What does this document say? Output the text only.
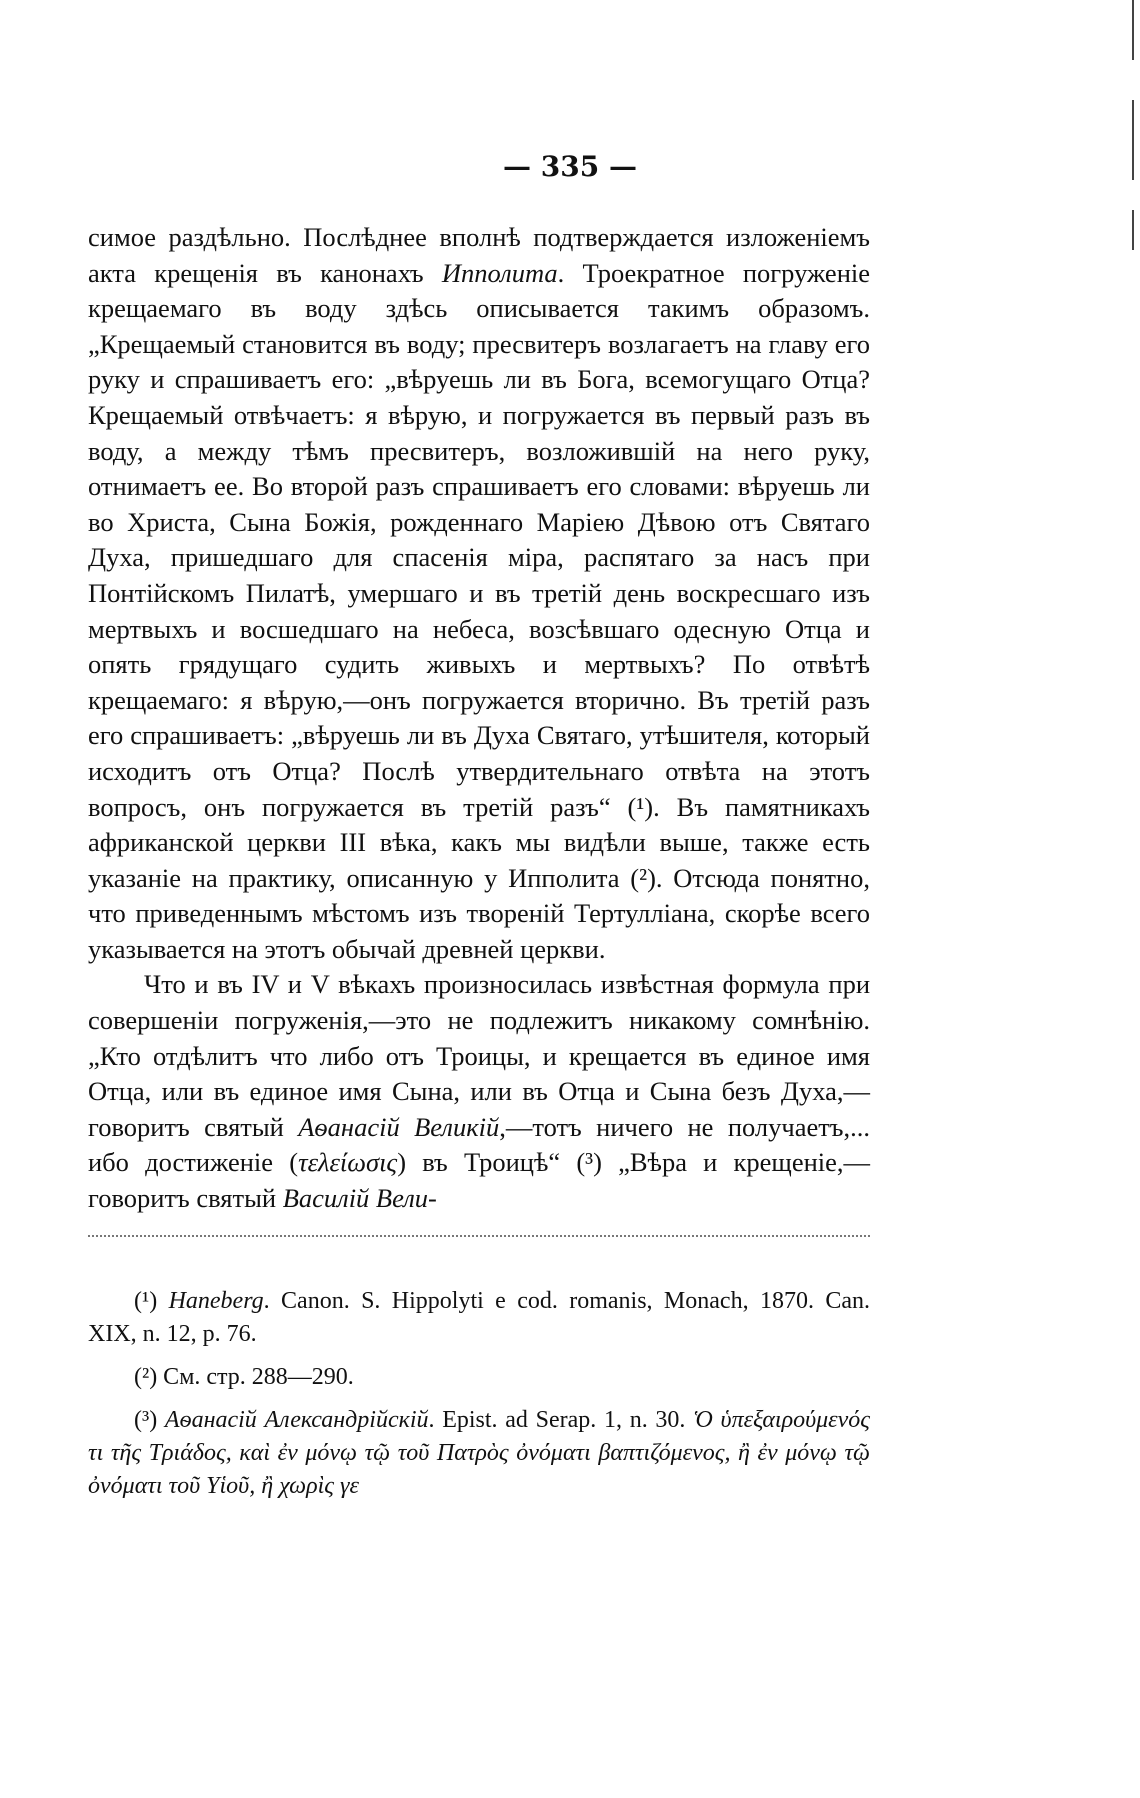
— 335 —

симое раздѣльно. Послѣднее вполнѣ подтверждается изложеніемъ акта крещенія въ канонахъ Ипполита. Троекратное погруженіе крещаемаго въ воду здѣсь описывается такимъ образомъ. „Крещаемый становится въ воду; пресвитеръ возлагаетъ на главу его руку и спрашиваетъ его: „вѣруешь ли въ Бога, всемогущаго Отца? Крещаемый отвѣчаетъ: я вѣрую, и погружается въ первый разъ въ воду, а между тѣмъ пресвитеръ, возложившій на него руку, отнимаетъ ее. Во второй разъ спрашиваетъ его словами: вѣруешь ли во Христа, Сына Божія, рожденнаго Маріею Дѣвою отъ Святаго Духа, пришедшаго для спасенія міра, распятаго за насъ при Понтійскомъ Пилатѣ, умершаго и въ третій день воскресшаго изъ мертвыхъ и восшедшаго на небеса, возсѣвшаго одесную Отца и опять грядущаго судить живыхъ и мертвыхъ? По отвѣтѣ крещаемаго: я вѣрую,—онъ погружается вторично. Въ третій разъ его спрашиваетъ: „вѣруешь ли въ Духа Святаго, утѣшителя, который исходитъ отъ Отца? Послѣ утвердительнаго отвѣта на этотъ вопросъ, онъ погружается въ третій разъ“ (¹). Въ памятникахъ африканской церкви III вѣка, какъ мы видѣли выше, также есть указаніе на практику, описанную у Ипполита (²). Отсюда понятно, что приведеннымъ мѣстомъ изъ твореній Тертулліана, скорѣе всего указывается на этотъ обычай древней церкви.

Что и въ IV и V вѣкахъ произносилась извѣстная формула при совершеніи погруженія,—это не подлежитъ никакому сомнѣнію. „Кто отдѣлитъ что либо отъ Троицы, и крещается въ единое имя Отца, или въ единое имя Сына, или въ Отца и Сына безъ Духа,—говоритъ святый Аѳанасій Великій,—тотъ ничего не получаетъ,... ибо достиженіе (τελείωσις) въ Троицѣ“ (³) „Вѣра и крещеніе,—говоритъ святый Василій Вели-

(¹) Haneberg. Canon. S. Hippolyti e cod. romanis, Monach, 1870. Can. XIX, n. 12, p. 76.

(²) См. стр. 288—290.

(³) Аѳанасій Александрійскій. Epist. ad Serap. 1, n. 30. Ὁ ὑπεξαιρούμενός τι τῆς Τριάδος, καὶ ἐν μόνῳ τῷ τοῦ Πατρὸς ὀνόματι βαπτιζόμενος, ἢ ἐν μόνῳ τῷ ὀνόματι τοῦ Υἱοῦ, ἢ χωρὶς γε
